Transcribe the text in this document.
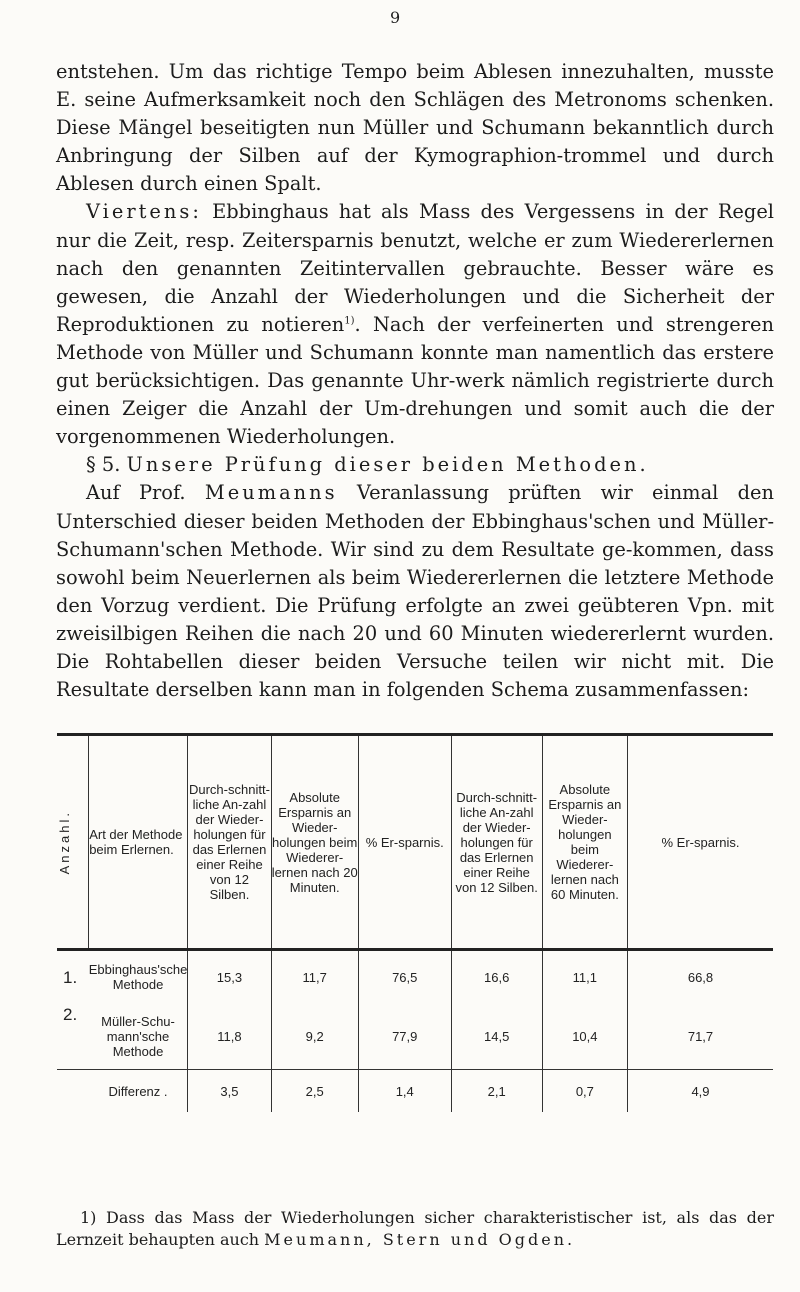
9

entstehen. Um das richtige Tempo beim Ablesen innezuhalten, musste E. seine Aufmerksamkeit noch den Schlägen des Metronoms schenken. Diese Mängel beseitigten nun Müller und Schumann bekanntlich durch Anbringung der Silben auf der Kymographion-trommel und durch Ablesen durch einen Spalt.

Viertens: Ebbinghaus hat als Mass des Vergessens in der Regel nur die Zeit, resp. Zeitersparnis benutzt, welche er zum Wiedererlernen nach den genannten Zeitintervallen gebrauchte. Besser wäre es gewesen, die Anzahl der Wiederholungen und die Sicherheit der Reproduktionen zu notieren$^{1)}$. Nach der verfeinerten und strengeren Methode von Müller und Schumann konnte man namentlich das erstere gut berücksichtigen. Das genannte Uhr-werk nämlich registrierte durch einen Zeiger die Anzahl der Um-drehungen und somit auch die der vorgenommenen Wiederholungen.

§ 5. Unsere Prüfung dieser beiden Methoden.

Auf Prof. Meumanns Veranlassung prüften wir einmal den Unterschied dieser beiden Methoden der Ebbinghaus'schen und Müller-Schumann'schen Methode. Wir sind zu dem Resultate ge-kommen, dass sowohl beim Neuerlernen als beim Wiedererlernen die letztere Methode den Vorzug verdient. Die Prüfung erfolgte an zwei geübteren Vpn. mit zweisilbigen Reihen die nach 20 und 60 Minuten wiedererlernt wurden. Die Rohtabellen dieser beiden Versuche teilen wir nicht mit. Die Resultate derselben kann man in folgenden Schema zusammenfassen:

Anzahl.	Art der Methode beim Erlernen.	Durch-schnitt-liche An-zahl der Wieder-holungen für das Erlernen einer Reihe von 12 Silben.	Absolute Ersparnis an Wieder-holungen beim Wiederer-lernen nach 20 Minuten.	% Er-sparnis.	Durch-schnitt-liche An-zahl der Wieder-holungen für das Erlernen einer Reihe von 12 Silben.	Absolute Ersparnis an Wieder-holungen beim Wiederer-lernen nach 60 Minuten.	% Er-sparnis.
1.	Ebbinghaus'sche Methode	15,3	11,7	76,5	16,6	11,1	66,8
2.	Müller-Schu-mann'sche Methode	11,8	9,2	77,9	14,5	10,4	71,7
	Differenz .	3,5	2,5	1,4	2,1	0,7	4,9

1) Dass das Mass der Wiederholungen sicher charakteristischer ist, als das der Lernzeit behaupten auch Meumann, Stern und Ogden.
